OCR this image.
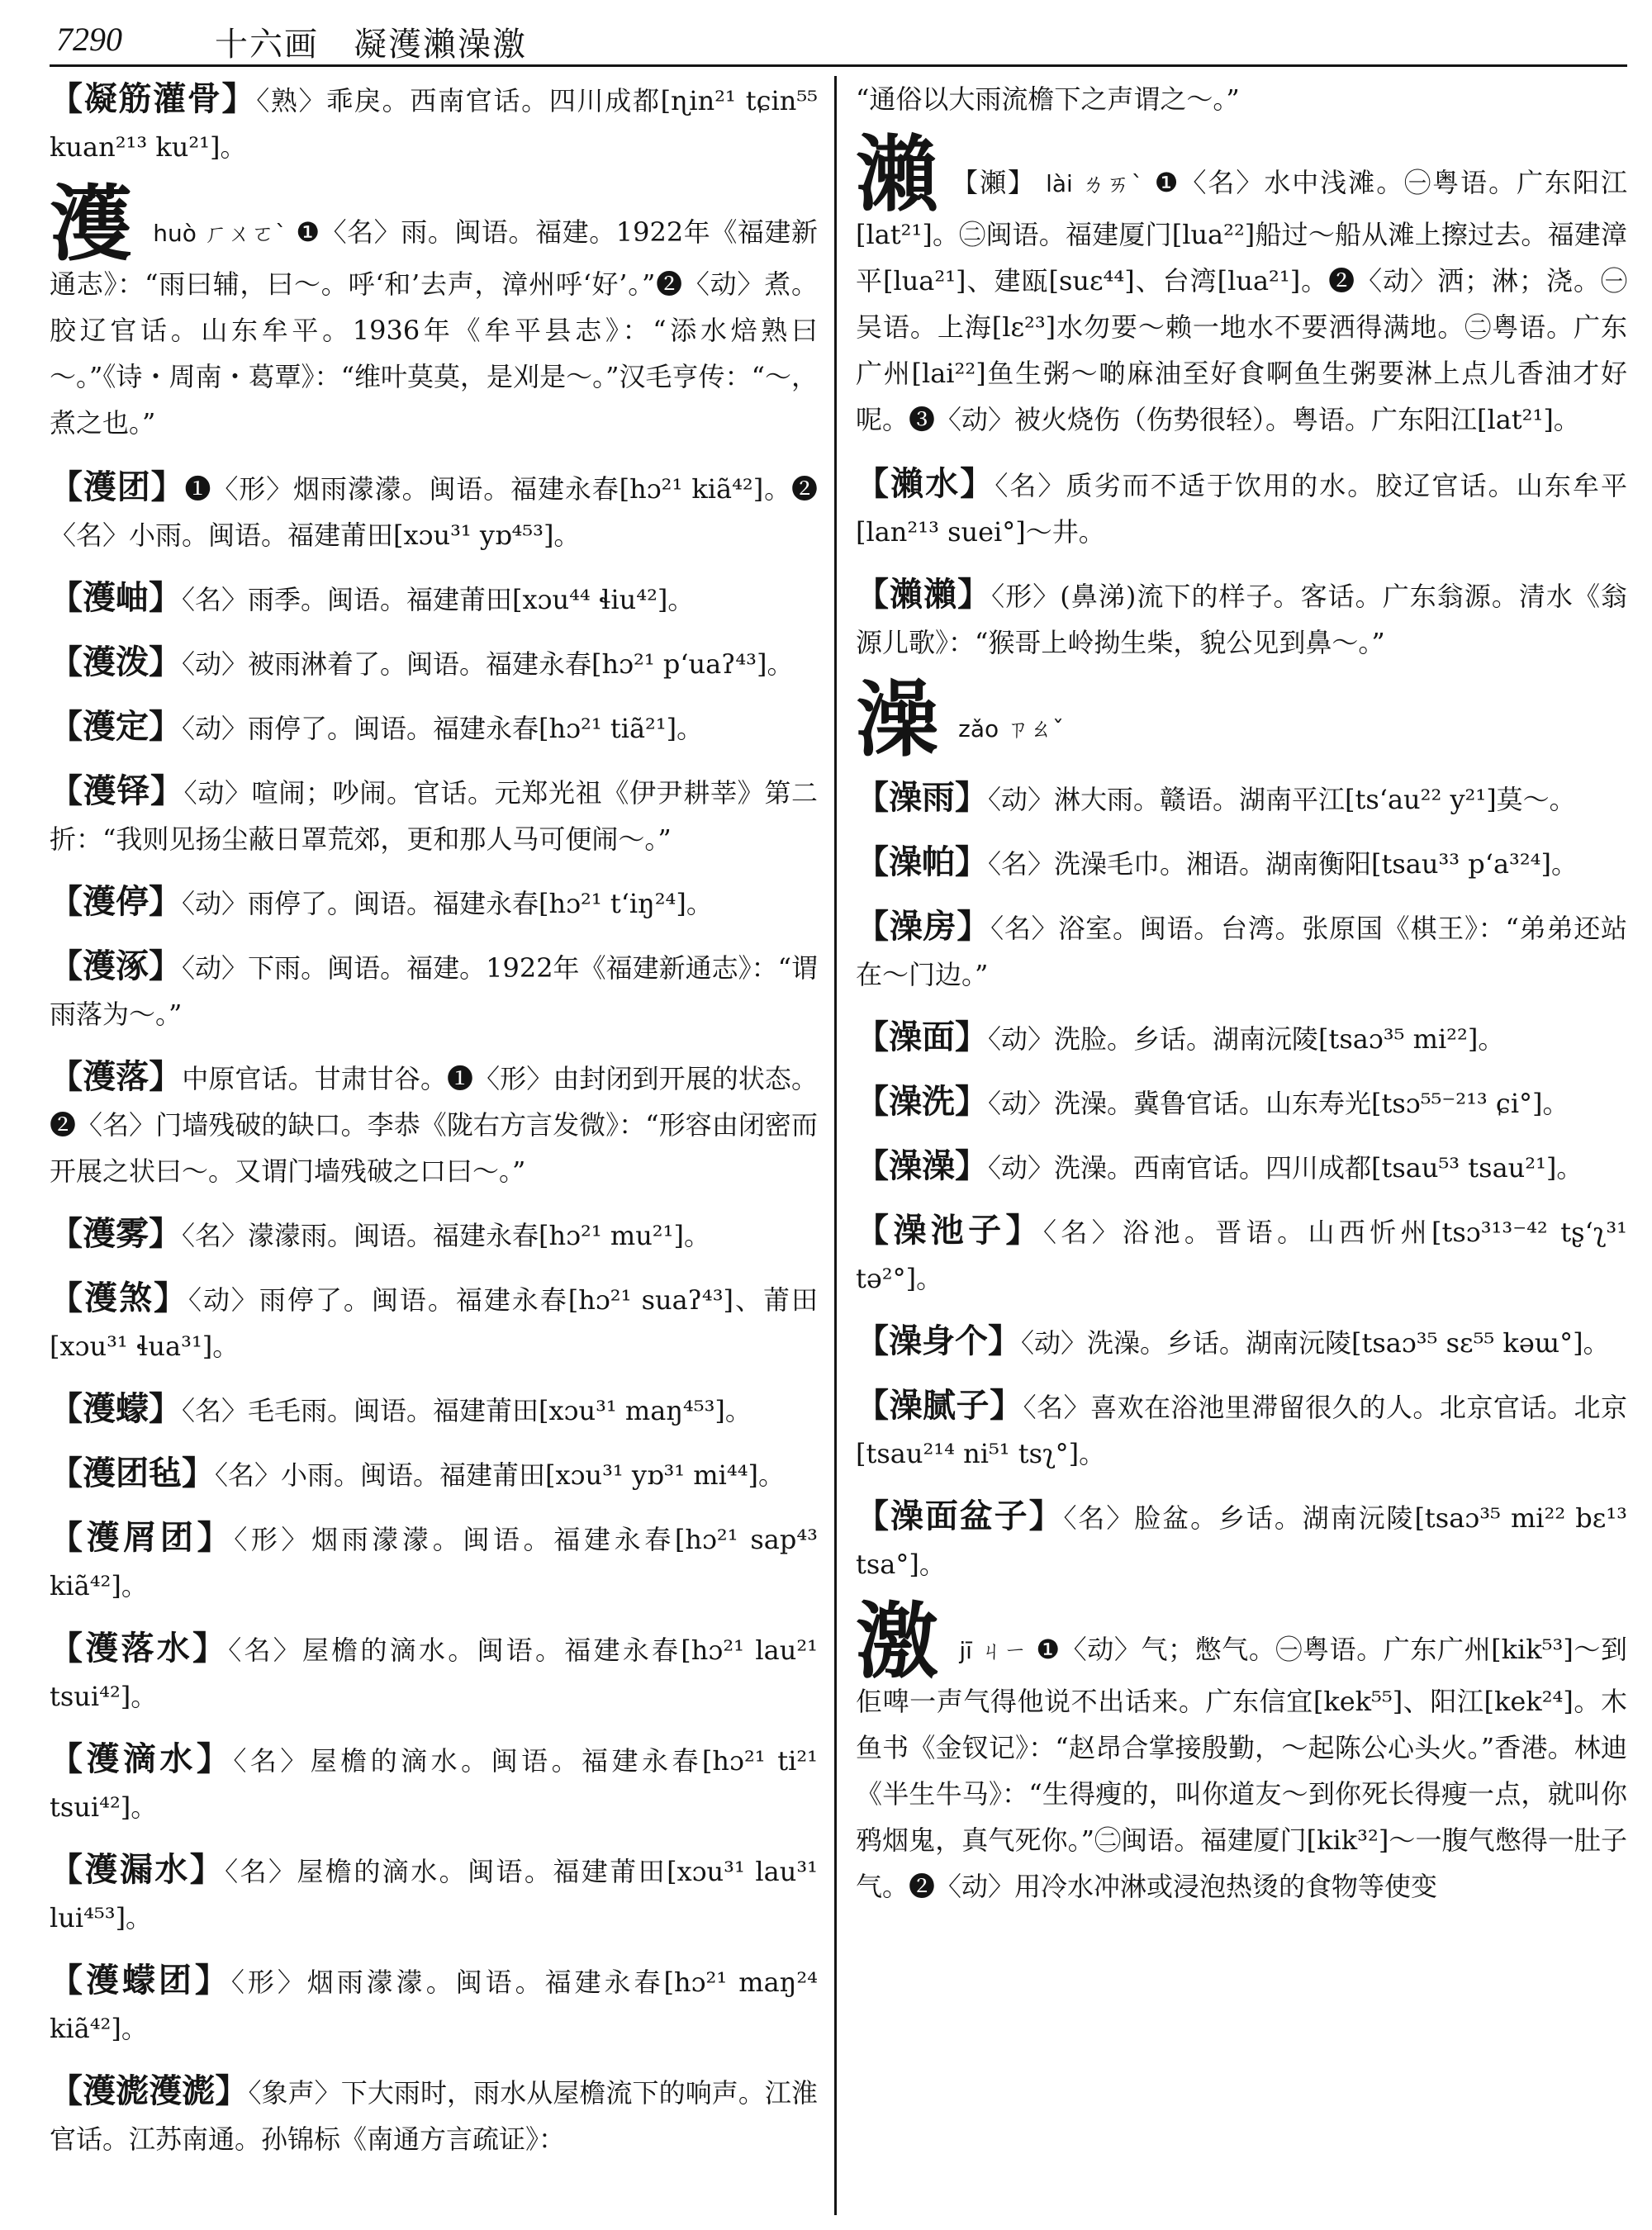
7290	十六画　凝濩瀨澡激

【凝筋灌骨】〈熟〉乖戾。西南官话。四川成都[ɳin²¹ tɕin⁵⁵ kuan²¹³ ku²¹]。

濩 huò ㄏㄨㄛˋ ❶〈名〉雨。闽语。福建。1922年《福建新通志》：“雨曰辅，曰～。呼‘和’去声，漳州呼‘好’。”❷〈动〉煮。胶辽官话。山东牟平。1936年《牟平县志》：“添水焙熟曰～。”《诗・周南・葛覃》：“维叶莫莫，是刈是～。”汉毛亨传：“～，煮之也。”

【濩团】❶〈形〉烟雨濛濛。闽语。福建永春[hɔ²¹ kiã⁴²]。❷〈名〉小雨。闽语。福建莆田[xɔu³¹ yɒ⁴⁵³]。

【濩岫】〈名〉雨季。闽语。福建莆田[xɔu⁴⁴ ɬiu⁴²]。

【濩泼】〈动〉被雨淋着了。闽语。福建永春[hɔ²¹ p‘uaʔ⁴³]。

【濩定】〈动〉雨停了。闽语。福建永春[hɔ²¹ tiã²¹]。

【濩铎】〈动〉喧闹；吵闹。官话。元郑光祖《伊尹耕莘》第二折：“我则见扬尘蔽日罩荒郊，更和那人马可便闹～。”

【濩停】〈动〉雨停了。闽语。福建永春[hɔ²¹ t‘iŋ²⁴]。

【濩涿】〈动〉下雨。闽语。福建。1922年《福建新通志》：“谓雨落为～。”

【濩落】中原官话。甘肃甘谷。❶〈形〉由封闭到开展的状态。❷〈名〉门墙残破的缺口。李恭《陇右方言发微》：“形容由闭密而开展之状曰～。又谓门墙残破之口曰～。”

【濩雾】〈名〉濛濛雨。闽语。福建永春[hɔ²¹ mu²¹]。

【濩煞】〈动〉雨停了。闽语。福建永春[hɔ²¹ suaʔ⁴³]、莆田[xɔu³¹ ɬua³¹]。

【濩蠓】〈名〉毛毛雨。闽语。福建莆田[xɔu³¹ maŋ⁴⁵³]。

【濩团毡】〈名〉小雨。闽语。福建莆田[xɔu³¹ yɒ³¹ mi⁴⁴]。

【濩屑团】〈形〉烟雨濛濛。闽语。福建永春[hɔ²¹ sap⁴³ kiã⁴²]。

【濩落水】〈名〉屋檐的滴水。闽语。福建永春[hɔ²¹ lau²¹ tsui⁴²]。

【濩滴水】〈名〉屋檐的滴水。闽语。福建永春[hɔ²¹ ti²¹ tsui⁴²]。

【濩漏水】〈名〉屋檐的滴水。闽语。福建莆田[xɔu³¹ lau³¹ lui⁴⁵³]。

【濩蠓团】〈形〉烟雨濛濛。闽语。福建永春[hɔ²¹ maŋ²⁴ kiã⁴²]。

【濩滮濩滮】〈象声〉下大雨时，雨水从屋檐流下的响声。江淮官话。江苏南通。孙锦标《南通方言疏证》：

“通俗以大雨流檐下之声谓之～。”

瀨 【瀬】 lài ㄌㄞˋ ❶〈名〉水中浅滩。㊀粤语。广东阳江[lat²¹]。㊁闽语。福建厦门[lua²²]船过～船从滩上擦过去。福建漳平[lua²¹]、建瓯[suɛ⁴⁴]、台湾[lua²¹]。❷〈动〉洒；淋；浇。㊀吴语。上海[lɛ²³]水勿要～赖一地水不要洒得满地。㊁粤语。广东广州[lai²²]鱼生粥～啲麻油至好食啊鱼生粥要淋上点儿香油才好呢。❸〈动〉被火烧伤（伤势很轻）。粤语。广东阳江[lat²¹]。

【瀨水】〈名〉质劣而不适于饮用的水。胶辽官话。山东牟平[lan²¹³ suei°]～井。

【瀨瀨】〈形〉(鼻涕)流下的样子。客话。广东翁源。清水《翁源儿歌》：“猴哥上岭拗生柴，貌公见到鼻～。”

澡 zǎo ㄗㄠˇ

【澡雨】〈动〉淋大雨。赣语。湖南平江[ts‘au²² y²¹]莫～。

【澡帕】〈名〉洗澡毛巾。湘语。湖南衡阳[tsau³³ p‘a³²⁴]。

【澡房】〈名〉浴室。闽语。台湾。张原国《棋王》：“弟弟还站在～门边。”

【澡面】〈动〉洗脸。乡话。湖南沅陵[tsaɔ³⁵ mi²²]。

【澡洗】〈动〉洗澡。冀鲁官话。山东寿光[tsɔ⁵⁵⁻²¹³ ɕi°]。

【澡澡】〈动〉洗澡。西南官话。四川成都[tsau⁵³ tsau²¹]。

【澡池子】〈名〉浴池。晋语。山西忻州[tsɔ³¹³⁻⁴² tʂ‘ʅ³¹ tə²°]。

【澡身个】〈动〉洗澡。乡话。湖南沅陵[tsaɔ³⁵ sɛ⁵⁵ kəɯ°]。

【澡腻子】〈名〉喜欢在浴池里滞留很久的人。北京官话。北京[tsau²¹⁴ ni⁵¹ tsʅ°]。

【澡面盆子】〈名〉脸盆。乡话。湖南沅陵[tsaɔ³⁵ mi²² bɛ¹³ tsa°]。

激 jī ㄐㄧ ❶〈动〉气；憋气。㊀粤语。广东广州[kik⁵³]～到佢啤一声气得他说不出话来。广东信宜[kek⁵⁵]、阳江[kek²⁴]。木鱼书《金钗记》：“赵昂合掌接殷勤，～起陈公心头火。”香港。林迪《半生牛马》：“生得瘦的，叫你道友～到你死长得瘦一点，就叫你鸦烟鬼，真气死你。”㊁闽语。福建厦门[kik³²]～一腹气憋得一肚子气。❷〈动〉用冷水冲淋或浸泡热烫的食物等使变
